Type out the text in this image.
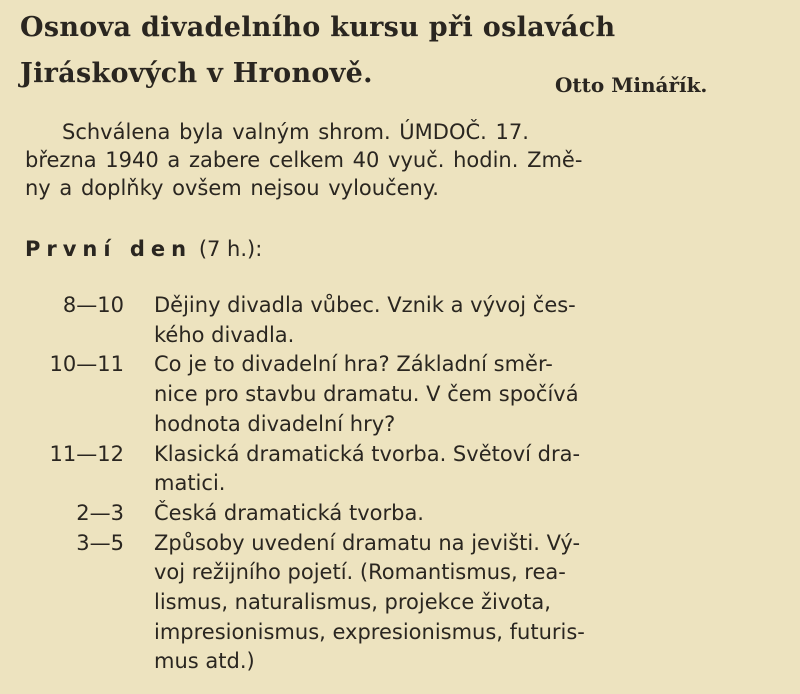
Osnova divadelního kursu při oslavách
Jiráskových v Hronově.	Otto Minářík.
Schválena byla valným shrom. ÚMDOČ. 17.
března 1940 a zabere celkem 40 vyuč. hodin. Změ-
ny a doplňky ovšem nejsou vyloučeny.
První den (7 h.):
8—10 Dějiny divadla vůbec. Vznik a vývoj čes-
kého divadla.
10—11 Co je to divadelní hra? Základní směr-
nice pro stavbu dramatu. V čem spočívá
hodnota divadelní hry?
11—12 Klasická dramatická tvorba. Světoví dra-
matici.
2—3 Česká dramatická tvorba.
3—5 Způsoby uvedení dramatu na jevišti. Vý-
voj režijního pojetí. (Romantismus, rea-
lismus, naturalismus, projekce života,
impresionismus, expresionismus, futuris-
mus atd.)
